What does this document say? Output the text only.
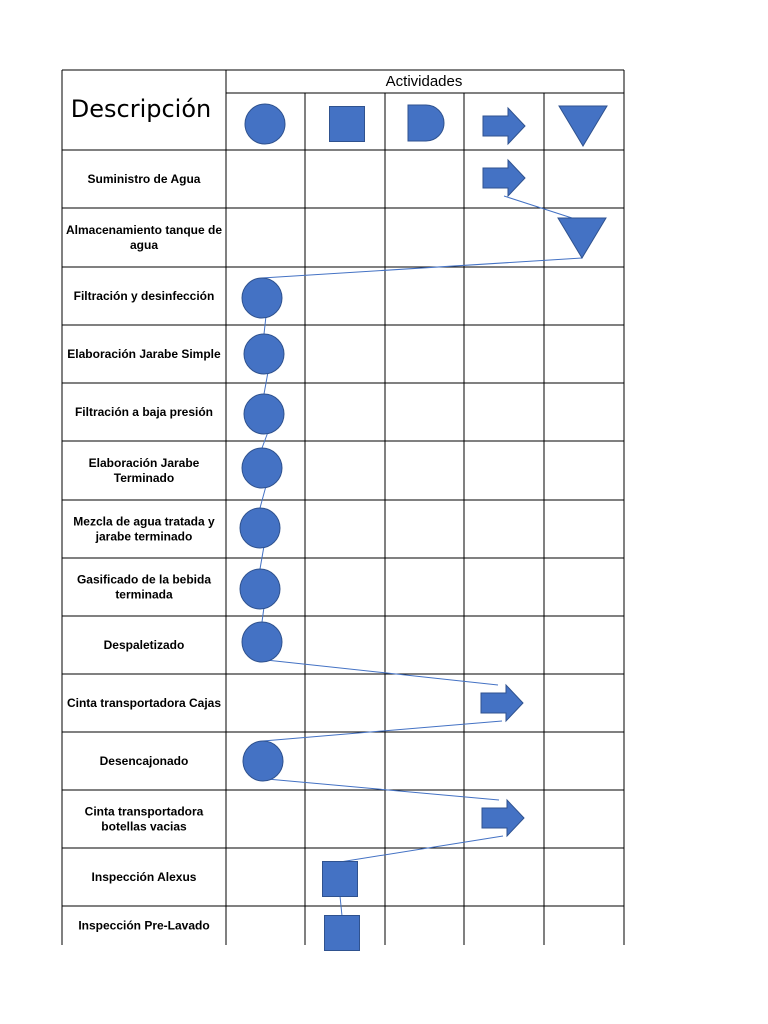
Descripción
Actividades
Suministro de Agua
Almacenamiento tanque de
agua
Filtración y desinfección
Elaboración Jarabe Simple
Filtración a baja presión
Elaboración Jarabe
Terminado
Mezcla de agua tratada y
jarabe terminado
Gasificado de la bebida
terminada
Despaletizado
Cinta transportadora Cajas
Desencajonado
Cinta transportadora
botellas vacias
Inspección Alexus
Inspección Pre-Lavado
